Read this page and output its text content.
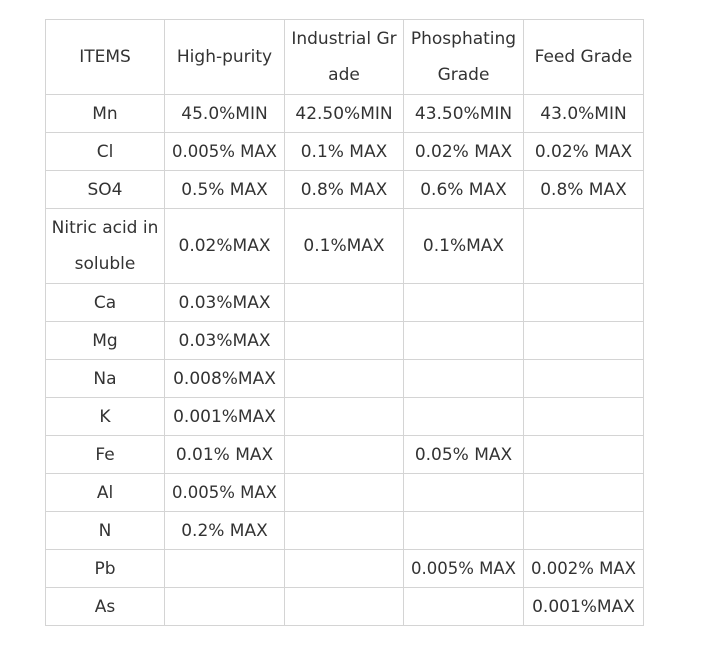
ITEMS	High-purity	Industrial Gr ade	Phosphating Grade	Feed Grade
Mn	45.0%MIN	42.50%MIN	43.50%MIN	43.0%MIN
Cl	0.005% MAX	0.1% MAX	0.02% MAX	0.02% MAX
SO4	0.5% MAX	0.8% MAX	0.6% MAX	0.8% MAX
Nitric acid in soluble	0.02%MAX	0.1%MAX	0.1%MAX	
Ca	0.03%MAX			
Mg	0.03%MAX			
Na	0.008%MAX			
K	0.001%MAX			
Fe	0.01% MAX		0.05% MAX	
Al	0.005% MAX			
N	0.2% MAX			
Pb			0.005% MAX	0.002% MAX
As				0.001%MAX
